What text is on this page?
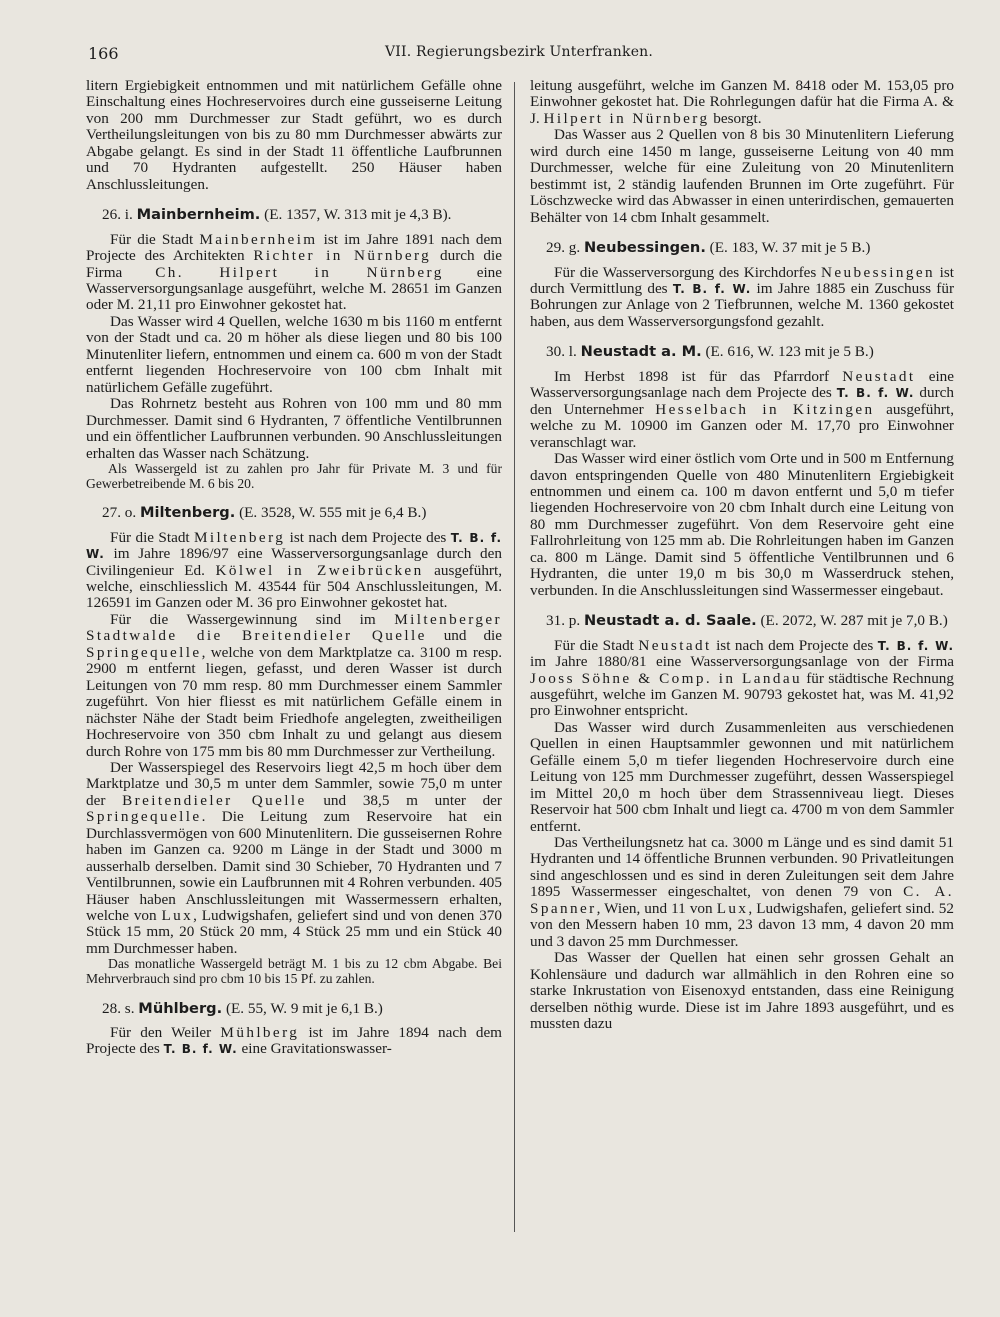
166	VII. Regierungsbezirk Unterfranken.

litern Ergiebigkeit entnommen und mit natürlichem Gefälle ohne Einschaltung eines Hochreservoires durch eine gusseiserne Leitung von 200 mm Durchmesser zur Stadt geführt, wo es durch Vertheilungsleitungen von bis zu 80 mm Durchmesser abwärts zur Abgabe gelangt. Es sind in der Stadt 11 öffentliche Laufbrunnen und 70 Hydranten aufgestellt. 250 Häuser haben Anschlussleitungen.

26. i. Mainbernheim. (E. 1357, W. 313 mit je 4,3 B).

Für die Stadt Mainbernheim ist im Jahre 1891 nach dem Projecte des Architekten Richter in Nürnberg durch die Firma Ch. Hilpert in Nürnberg eine Wasserversorgungsanlage ausgeführt, welche M. 28651 im Ganzen oder M. 21,11 pro Einwohner gekostet hat.

Das Wasser wird 4 Quellen, welche 1630 m bis 1160 m entfernt von der Stadt und ca. 20 m höher als diese liegen und 80 bis 100 Minutenliter liefern, entnommen und einem ca. 600 m von der Stadt entfernt liegenden Hochreservoire von 100 cbm Inhalt mit natürlichem Gefälle zugeführt.

Das Rohrnetz besteht aus Rohren von 100 mm und 80 mm Durchmesser. Damit sind 6 Hydranten, 7 öffentliche Ventilbrunnen und ein öffentlicher Laufbrunnen verbunden. 90 Anschlussleitungen erhalten das Wasser nach Schätzung.

Als Wassergeld ist zu zahlen pro Jahr für Private M. 3 und für Gewerbetreibende M. 6 bis 20.

27. o. Miltenberg. (E. 3528, W. 555 mit je 6,4 B.)

Für die Stadt Miltenberg ist nach dem Projecte des T. B. f. W. im Jahre 1896/97 eine Wasserversorgungsanlage durch den Civilingenieur Ed. Kölwel in Zweibrücken ausgeführt, welche, einschliesslich M. 43544 für 504 Anschlussleitungen, M. 126591 im Ganzen oder M. 36 pro Einwohner gekostet hat.

Für die Wassergewinnung sind im Miltenberger Stadtwalde die Breitendieler Quelle und die Springequelle, welche von dem Marktplatze ca. 3100 m resp. 2900 m entfernt liegen, gefasst, und deren Wasser ist durch Leitungen von 70 mm resp. 80 mm Durchmesser einem Sammler zugeführt. Von hier fliesst es mit natürlichem Gefälle einem in nächster Nähe der Stadt beim Friedhofe angelegten, zweitheiligen Hochreservoire von 350 cbm Inhalt zu und gelangt aus diesem durch Rohre von 175 mm bis 80 mm Durchmesser zur Vertheilung.

Der Wasserspiegel des Reservoirs liegt 42,5 m hoch über dem Marktplatze und 30,5 m unter dem Sammler, sowie 75,0 m unter der Breitendieler Quelle und 38,5 m unter der Springequelle. Die Leitung zum Reservoire hat ein Durchlassvermögen von 600 Minutenlitern. Die gusseisernen Rohre haben im Ganzen ca. 9200 m Länge in der Stadt und 3000 m ausserhalb derselben. Damit sind 30 Schieber, 70 Hydranten und 7 Ventilbrunnen, sowie ein Laufbrunnen mit 4 Rohren verbunden. 405 Häuser haben Anschlussleitungen mit Wassermessern erhalten, welche von Lux, Ludwigshafen, geliefert sind und von denen 370 Stück 15 mm, 20 Stück 20 mm, 4 Stück 25 mm und ein Stück 40 mm Durchmesser haben.

Das monatliche Wassergeld beträgt M. 1 bis zu 12 cbm Abgabe. Bei Mehrverbrauch sind pro cbm 10 bis 15 Pf. zu zahlen.

28. s. Mühlberg. (E. 55, W. 9 mit je 6,1 B.)

Für den Weiler Mühlberg ist im Jahre 1894 nach dem Projecte des T. B. f. W. eine Gravitationswasser-

leitung ausgeführt, welche im Ganzen M. 8418 oder M. 153,05 pro Einwohner gekostet hat. Die Rohrlegungen dafür hat die Firma A. & J. Hilpert in Nürnberg besorgt.

Das Wasser aus 2 Quellen von 8 bis 30 Minutenlitern Lieferung wird durch eine 1450 m lange, gusseiserne Leitung von 40 mm Durchmesser, welche für eine Zuleitung von 20 Minutenlitern bestimmt ist, 2 ständig laufenden Brunnen im Orte zugeführt. Für Löschzwecke wird das Abwasser in einen unterirdischen, gemauerten Behälter von 14 cbm Inhalt gesammelt.

29. g. Neubessingen. (E. 183, W. 37 mit je 5 B.)

Für die Wasserversorgung des Kirchdorfes Neubessingen ist durch Vermittlung des T. B. f. W. im Jahre 1885 ein Zuschuss für Bohrungen zur Anlage von 2 Tiefbrunnen, welche M. 1360 gekostet haben, aus dem Wasserversorgungsfond gezahlt.

30. l. Neustadt a. M. (E. 616, W. 123 mit je 5 B.)

Im Herbst 1898 ist für das Pfarrdorf Neustadt eine Wasserversorgungsanlage nach dem Projecte des T. B. f. W. durch den Unternehmer Hesselbach in Kitzingen ausgeführt, welche zu M. 10900 im Ganzen oder M. 17,70 pro Einwohner veranschlagt war.

Das Wasser wird einer östlich vom Orte und in 500 m Entfernung davon entspringenden Quelle von 480 Minutenlitern Ergiebigkeit entnommen und einem ca. 100 m davon entfernt und 5,0 m tiefer liegenden Hochreservoire von 20 cbm Inhalt durch eine Leitung von 80 mm Durchmesser zugeführt. Von dem Reservoire geht eine Fallrohrleitung von 125 mm ab. Die Rohrleitungen haben im Ganzen ca. 800 m Länge. Damit sind 5 öffentliche Ventilbrunnen und 6 Hydranten, die unter 19,0 m bis 30,0 m Wasserdruck stehen, verbunden. In die Anschlussleitungen sind Wassermesser eingebaut.

31. p. Neustadt a. d. Saale. (E. 2072, W. 287 mit je 7,0 B.)

Für die Stadt Neustadt ist nach dem Projecte des T. B. f. W. im Jahre 1880/81 eine Wasserversorgungsanlage von der Firma Jooss Söhne & Comp. in Landau für städtische Rechnung ausgeführt, welche im Ganzen M. 90793 gekostet hat, was M. 41,92 pro Einwohner entspricht.

Das Wasser wird durch Zusammenleiten aus verschiedenen Quellen in einen Hauptsammler gewonnen und mit natürlichem Gefälle einem 5,0 m tiefer liegenden Hochreservoire durch eine Leitung von 125 mm Durchmesser zugeführt, dessen Wasserspiegel im Mittel 20,0 m hoch über dem Strassenniveau liegt. Dieses Reservoir hat 500 cbm Inhalt und liegt ca. 4700 m von dem Sammler entfernt.

Das Vertheilungsnetz hat ca. 3000 m Länge und es sind damit 51 Hydranten und 14 öffentliche Brunnen verbunden. 90 Privatleitungen sind angeschlossen und es sind in deren Zuleitungen seit dem Jahre 1895 Wassermesser eingeschaltet, von denen 79 von C. A. Spanner, Wien, und 11 von Lux, Ludwigshafen, geliefert sind. 52 von den Messern haben 10 mm, 23 davon 13 mm, 4 davon 20 mm und 3 davon 25 mm Durchmesser.

Das Wasser der Quellen hat einen sehr grossen Gehalt an Kohlensäure und dadurch war allmählich in den Rohren eine so starke Inkrustation von Eisenoxyd entstanden, dass eine Reinigung derselben nöthig wurde. Diese ist im Jahre 1893 ausgeführt, und es mussten dazu
